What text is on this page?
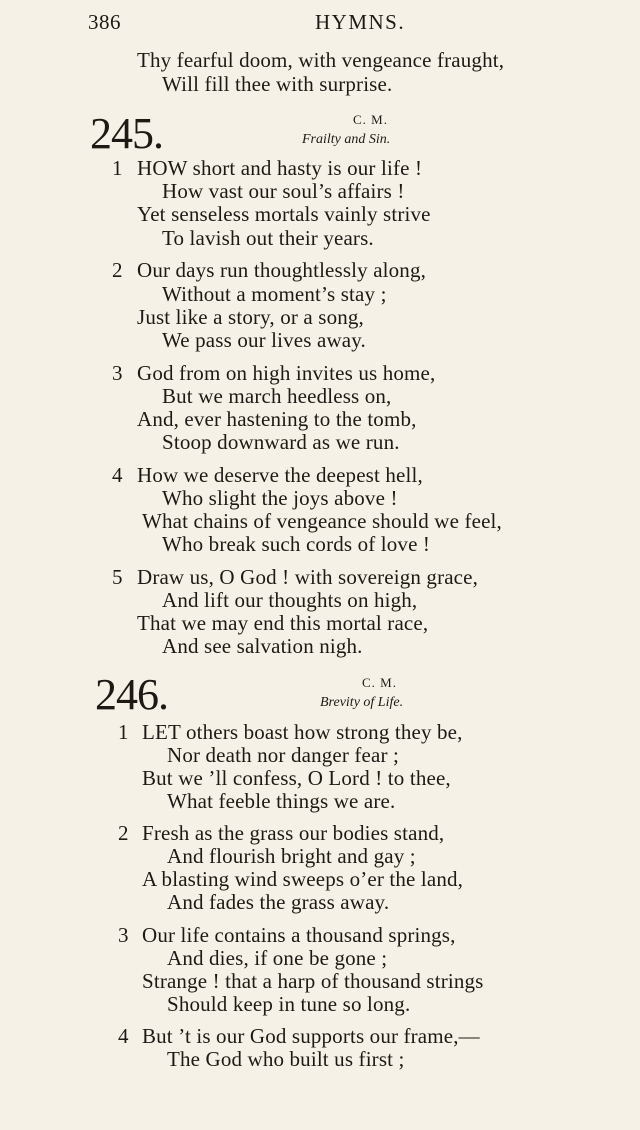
386	HYMNS.
Thy fearful doom, with vengeance fraught,
Will fill thee with surprise.
245.	C. M.
Frailty and Sin.
1 HOW short and hasty is our life !
How vast our soul’s affairs !
Yet senseless mortals vainly strive
To lavish out their years.
2 Our days run thoughtlessly along,
Without a moment’s stay ;
Just like a story, or a song,
We pass our lives away.
3 God from on high invites us home,
But we march heedless on,
And, ever hastening to the tomb,
Stoop downward as we run.
4 How we deserve the deepest hell,
Who slight the joys above !
What chains of vengeance should we feel,
Who break such cords of love !
5 Draw us, O God ! with sovereign grace,
And lift our thoughts on high,
That we may end this mortal race,
And see salvation nigh.
246.	C. M.
Brevity of Life.
1 LET others boast how strong they be,
Nor death nor danger fear ;
But we ’ll confess, O Lord ! to thee,
What feeble things we are.
2 Fresh as the grass our bodies stand,
And flourish bright and gay ;
A blasting wind sweeps o’er the land,
And fades the grass away.
3 Our life contains a thousand springs,
And dies, if one be gone ;
Strange ! that a harp of thousand strings
Should keep in tune so long.
4 But ’t is our God supports our frame,—
The God who built us first ;
